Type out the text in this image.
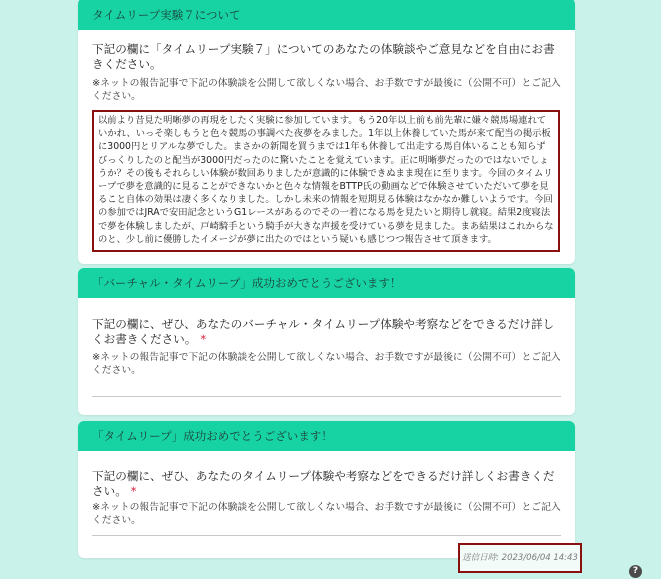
タイムリープ実験７について
下記の欄に「タイムリープ実験７」についてのあなたの体験談やご意見などを自由にお書きください。
※ネットの報告記事で下記の体験談を公開して欲しくない場合、お手数ですが最後に（公開不可）とご記入ください。
以前より昔見た明晰夢の再現をしたく実験に参加しています。もう20年以上前も前先輩に嫌々競馬場連れていかれ、いっそ楽しもうと色々競馬の事調べた夜夢をみました。1年以上休養していた馬が来て配当の掲示板に3000円とリアルな夢でした。まさかの新聞を買うまでは1年も休養して出走する馬自体いることも知らずびっくりしたのと配当が3000円だったのに驚いたことを覚えています。正に明晰夢だったのではないでしょうか？その後もそれらしい体験が数回ありましたが意識的に体験できぬまま現在に至ります。今回のタイムリープで夢を意識的に見ることができないかと色々な情報をBTTP氏の動画などで体験させていただいて夢を見ること自体の効果は凄く多くなりました。しかし未来の情報を短期見る体験はなかなか難しいようです。今回の参加ではJRAで安田記念というG1レースがあるのでその一着になる馬を見たいと期待し就寝。結果2度寝法で夢を体験しましたが、戸崎騎手という騎手が大きな声援を受けている夢を見ました。まあ結果はこれからなのと、少し前に優勝したイメージが夢に出たのではという疑いも感じつつ報告させて頂きます。
「バーチャル・タイムリープ」成功おめでとうございます！
下記の欄に、ぜひ、あなたのバーチャル・タイムリープ体験や考察などをできるだけ詳しくお書きください。 *
※ネットの報告記事で下記の体験談を公開して欲しくない場合、お手数ですが最後に（公開不可）とご記入ください。
「タイムリープ」成功おめでとうございます！
下記の欄に、ぜひ、あなたのタイムリープ体験や考察などをできるだけ詳しくお書きください。 *
※ネットの報告記事で下記の体験談を公開して欲しくない場合、お手数ですが最後に（公開不可）とご記入ください。
送信日時: 2023/06/04 14:43
?
